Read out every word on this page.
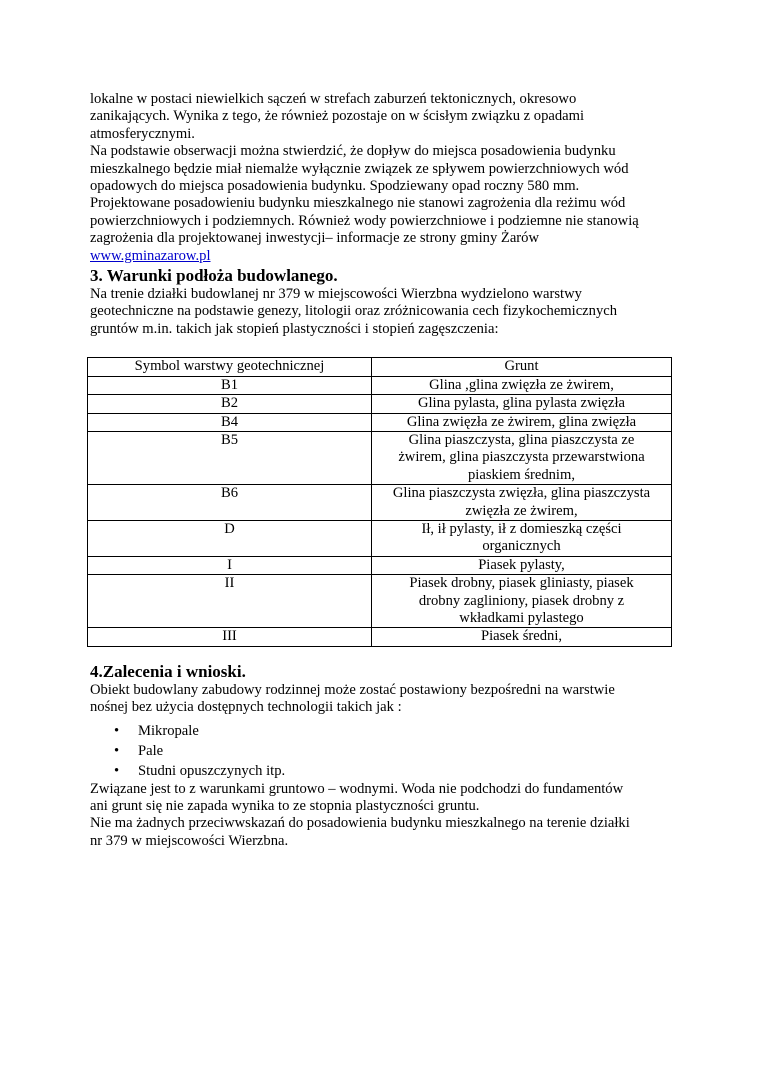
lokalne w postaci niewielkich sączeń w strefach zaburzeń tektonicznych, okresowo
zanikających. Wynika z tego, że również pozostaje on w ścisłym związku z opadami
atmosferycznymi.
Na podstawie obserwacji można stwierdzić, że dopływ do miejsca posadowienia budynku
mieszkalnego będzie miał niemalże wyłącznie związek ze spływem powierzchniowych wód
opadowych do miejsca posadowienia budynku. Spodziewany opad roczny 580 mm.
Projektowane posadowieniu budynku mieszkalnego nie stanowi zagrożenia dla reżimu wód
powierzchniowych i podziemnych. Również wody powierzchniowe i podziemne nie stanowią
zagrożenia dla projektowanej inwestycji– informacje ze strony gminy Żarów
www.gminazarow.pl
3. Warunki podłoża budowlanego.
Na trenie działki budowlanej nr 379 w miejscowości Wierzbna wydzielono warstwy
geotechniczne na podstawie genezy, litologii oraz zróżnicowania cech fizykochemicznych
gruntów m.in. takich jak stopień plastyczności i stopień zagęszczenia:
Symbol warstwy geotechnicznej	Grunt
B1	Glina ,glina zwięzła ze żwirem,

B2	Glina pylasta, glina pylasta zwięzła

B4	Glina zwięzła ze żwirem, glina zwięzła

B5	Glina piaszczysta, glina piaszczysta ze
żwirem, glina piaszczysta przewarstwiona
piaskiem średnim,

B6	Glina piaszczysta zwięzła, glina piaszczysta
zwięzła ze żwirem,

D	Ił, ił pylasty, ił z domieszką części
organicznych

I	Piasek pylasty,

II	Piasek drobny, piasek gliniasty, piasek
drobny zagliniony, piasek drobny z
wkładkami pylastego

III	Piasek średni,
4.Zalecenia i wnioski.
Obiekt budowlany zabudowy rodzinnej może zostać postawiony bezpośredni na warstwie
nośnej bez użycia dostępnych technologii takich jak :
• Mikropale
• Pale
• Studni opuszczynych itp.
Związane jest to z warunkami gruntowo – wodnymi. Woda nie podchodzi do fundamentów
ani grunt się nie zapada wynika to ze stopnia plastyczności gruntu.
Nie ma żadnych przeciwwskazań do posadowienia budynku mieszkalnego na terenie działki
nr 379 w miejscowości Wierzbna.
